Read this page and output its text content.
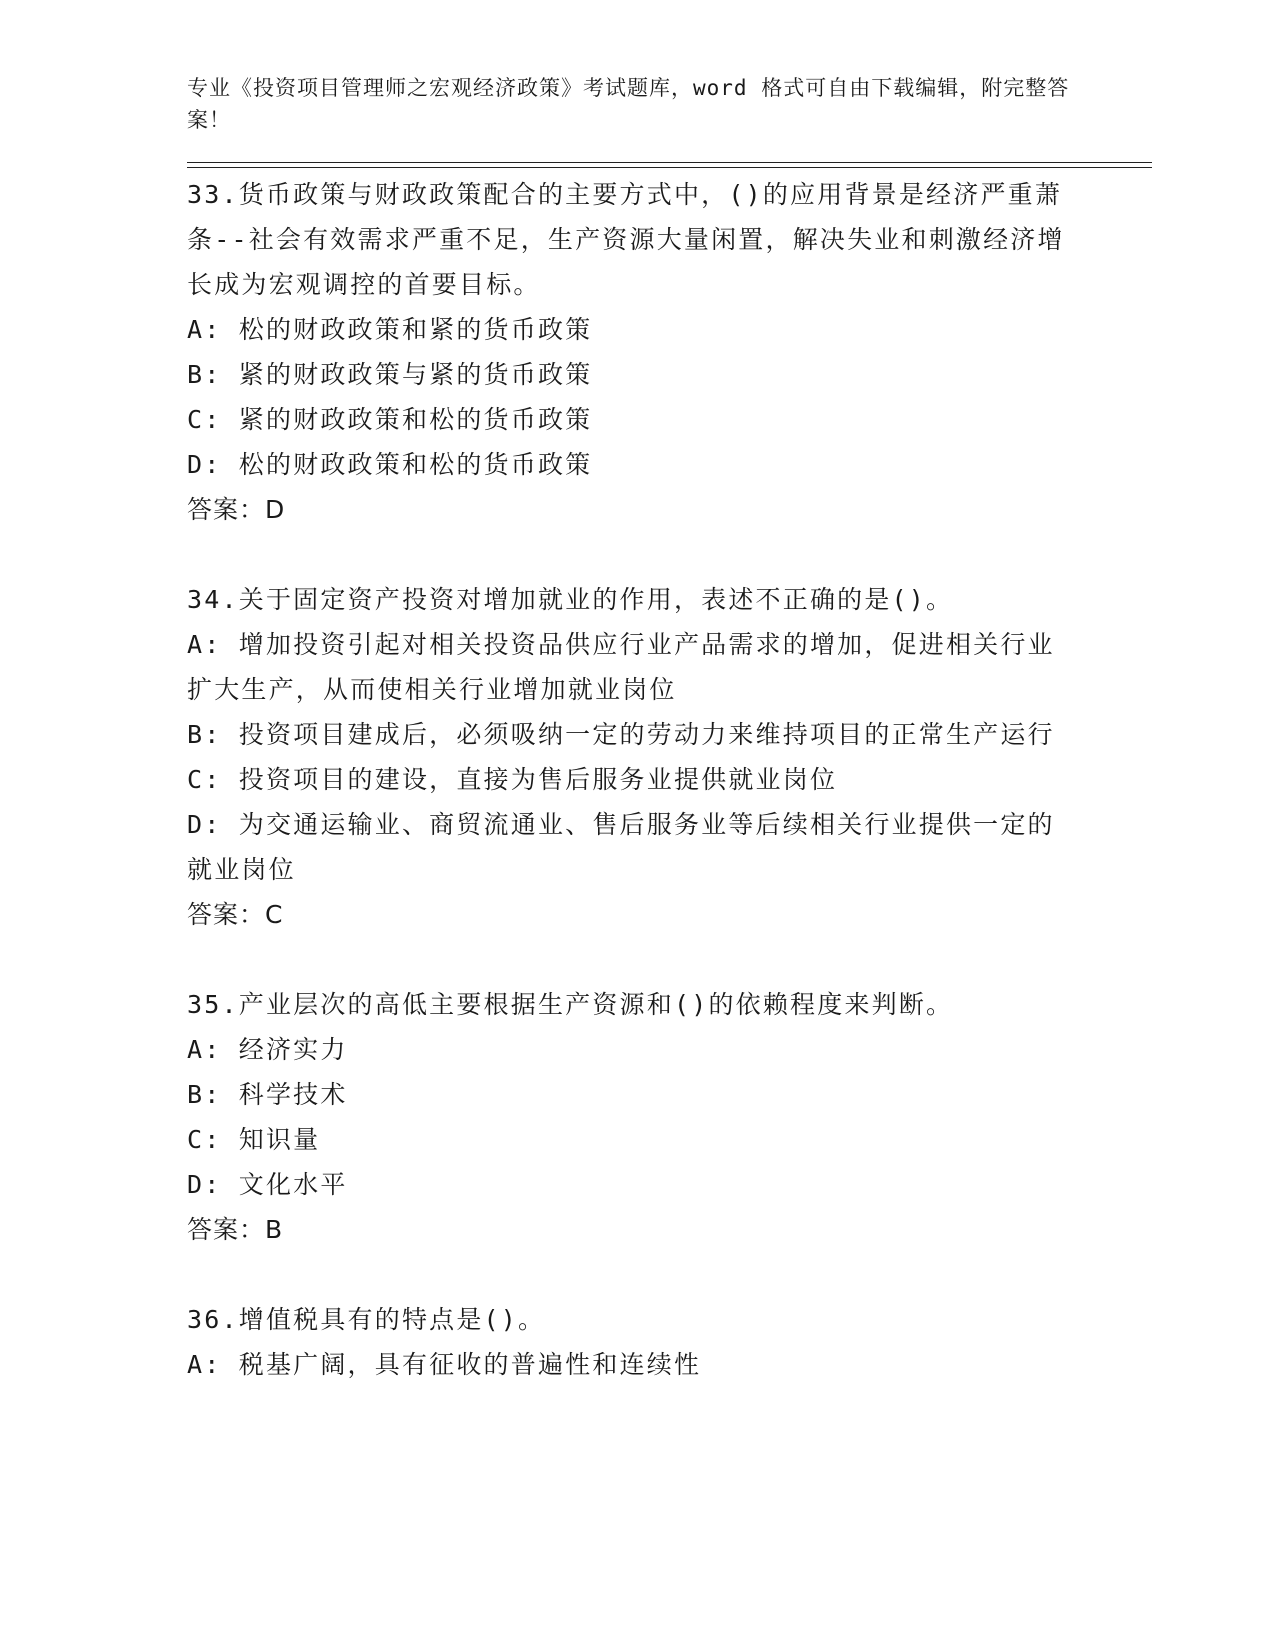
专业《投资项目管理师之宏观经济政策》考试题库，word 格式可自由下载编辑，附完整答案！
33.货币政策与财政政策配合的主要方式中，()的应用背景是经济严重萧条--社会有效需求严重不足，生产资源大量闲置，解决失业和刺激经济增长成为宏观调控的首要目标。
A: 松的财政政策和紧的货币政策
B: 紧的财政政策与紧的货币政策
C: 紧的财政政策和松的货币政策
D: 松的财政政策和松的货币政策
答案：D
34.关于固定资产投资对增加就业的作用，表述不正确的是()。
A: 增加投资引起对相关投资品供应行业产品需求的增加，促进相关行业扩大生产，从而使相关行业增加就业岗位
B: 投资项目建成后，必须吸纳一定的劳动力来维持项目的正常生产运行
C: 投资项目的建设，直接为售后服务业提供就业岗位
D: 为交通运输业、商贸流通业、售后服务业等后续相关行业提供一定的就业岗位
答案：C
35.产业层次的高低主要根据生产资源和()的依赖程度来判断。
A: 经济实力
B: 科学技术
C: 知识量
D: 文化水平
答案：B
36.增值税具有的特点是()。
A: 税基广阔，具有征收的普遍性和连续性
